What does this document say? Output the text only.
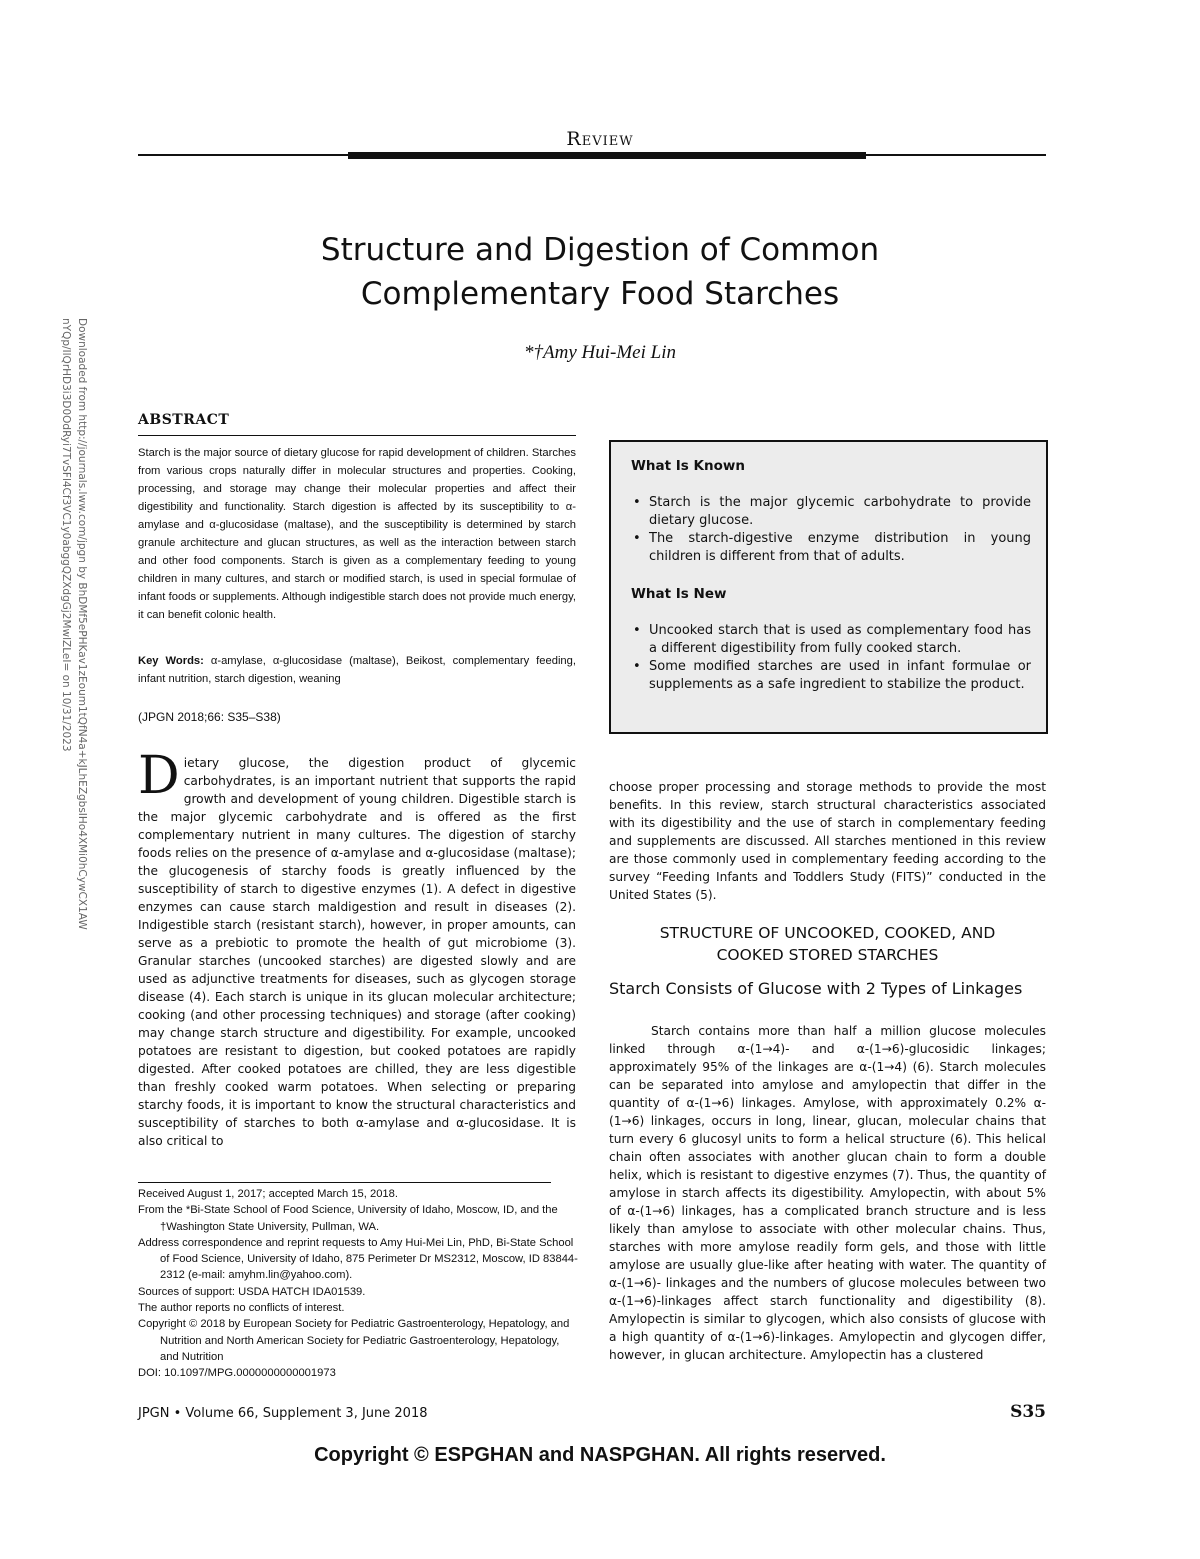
Review
Structure and Digestion of Common
Complementary Food Starches
*†Amy Hui-Mei Lin
Downloaded from http://journals.lww.com/jpgn by BhDMf5ePHKav1zEoum1tQfN4a+kJLhEZgbsIHo4XMi0hCywCX1AW
nYQp/IlQrHD3i3D0OdRyi7TvSFl4Cf3VC1y0abggQZXdgGj2MwlZLeI= on 10/31/2023	ABSTRACT
Starch is the major source of dietary glucose for rapid development of children. Starches from various crops naturally differ in molecular structures and properties. Cooking, processing, and storage may change their molecular properties and affect their digestibility and functionality. Starch digestion is affected by its susceptibility to α-amylase and α-glucosidase (maltase), and the susceptibility is determined by starch granule architecture and glucan structures, as well as the interaction between starch and other food components. Starch is given as a complementary feeding to young children in many cultures, and starch or modified starch, is used in special formulae of infant foods or supplements. Although indigestible starch does not provide much energy, it can benefit colonic health.
Key Words: α-amylase, α-glucosidase (maltase), Beikost, complementary feeding, infant nutrition, starch digestion, weaning
(JPGN 2018;66: S35–S38)
What Is Known
• Starch is the major glycemic carbohydrate to provide dietary glucose.
• The starch-digestive enzyme distribution in young children is different from that of adults.
What Is New
• Uncooked starch that is used as complementary food has a different digestibility from fully cooked starch.
• Some modified starches are used in infant formulae or supplements as a safe ingredient to stabilize the product.
Dietary glucose, the digestion product of glycemic carbohydrates, is an important nutrient that supports the rapid growth and development of young children. Digestible starch is the major glycemic carbohydrate and is offered as the first complementary nutrient in many cultures. The digestion of starchy foods relies on the presence of α-amylase and α-glucosidase (maltase); the glucogenesis of starchy foods is greatly influenced by the susceptibility of starch to digestive enzymes (1). A defect in digestive enzymes can cause starch maldigestion and result in diseases (2). Indigestible starch (resistant starch), however, in proper amounts, can serve as a prebiotic to promote the health of gut microbiome (3). Granular starches (uncooked starches) are digested slowly and are used as adjunctive treatments for diseases, such as glycogen storage disease (4). Each starch is unique in its glucan molecular architecture; cooking (and other processing techniques) and storage (after cooking) may change starch structure and digestibility. For example, uncooked potatoes are resistant to digestion, but cooked potatoes are rapidly digested. After cooked potatoes are chilled, they are less digestible than freshly cooked warm potatoes. When selecting or preparing starchy foods, it is important to know the structural characteristics and susceptibility of starches to both α-amylase and α-glucosidase. It is also critical to
choose proper processing and storage methods to provide the most benefits. In this review, starch structural characteristics associated with its digestibility and the use of starch in complementary feeding and supplements are discussed. All starches mentioned in this review are those commonly used in complementary feeding according to the survey “Feeding Infants and Toddlers Study (FITS)” conducted in the United States (5).
STRUCTURE OF UNCOOKED, COOKED, AND
COOKED STORED STARCHES
Starch Consists of Glucose with 2 Types of Linkages

Starch contains more than half a million glucose molecules linked through α-(1→4)- and α-(1→6)-glucosidic linkages; approximately 95% of the linkages are α-(1→4) (6). Starch molecules can be separated into amylose and amylopectin that differ in the quantity of α-(1→6) linkages. Amylose, with approximately 0.2% α-(1→6) linkages, occurs in long, linear, glucan, molecular chains that turn every 6 glucosyl units to form a helical structure (6). This helical chain often associates with another glucan chain to form a double helix, which is resistant to digestive enzymes (7). Thus, the quantity of amylose in starch affects its digestibility. Amylopectin, with about 5% of α-(1→6) linkages, has a complicated branch structure and is less likely than amylose to associate with other molecular chains. Thus, starches with more amylose readily form gels, and those with little amylose are usually glue-like after heating with water. The quantity of α-(1→6)- linkages and the numbers of glucose molecules between two α-(1→6)-linkages affect starch functionality and digestibility (8). Amylopectin is similar to glycogen, which also consists of glucose with a high quantity of α-(1→6)-linkages. Amylopectin and glycogen differ, however, in glucan architecture. Amylopectin has a clustered

Received August 1, 2017; accepted March 15, 2018.

From the *Bi-State School of Food Science, University of Idaho, Moscow, ID, and the †Washington State University, Pullman, WA.

Address correspondence and reprint requests to Amy Hui-Mei Lin, PhD, Bi-State School of Food Science, University of Idaho, 875 Perimeter Dr MS2312, Moscow, ID 83844-2312 (e-mail: amyhm.lin@yahoo.com).

Sources of support: USDA HATCH IDA01539.

The author reports no conflicts of interest.

Copyright © 2018 by European Society for Pediatric Gastroenterology, Hepatology, and Nutrition and North American Society for Pediatric Gastroenterology, Hepatology, and Nutrition

DOI: 10.1097/MPG.0000000000001973

JPGN • Volume 66, Supplement 3, June 2018	S35
Copyright © ESPGHAN and NASPGHAN. All rights reserved.
